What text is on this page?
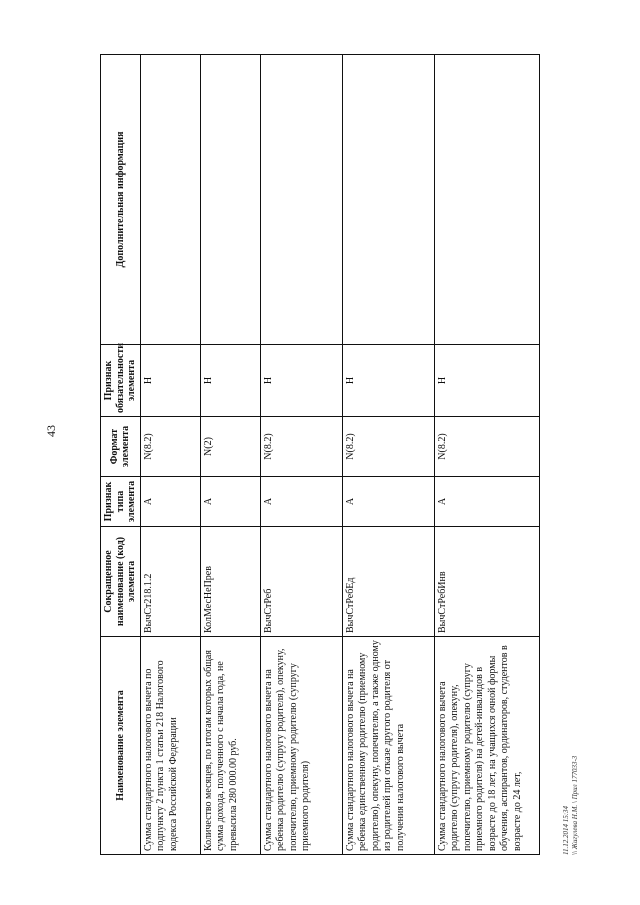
43
Наименование элемента	Сокращенное наименование (код) элемента	Признак типа элемента	Формат элемента	Признак обязательности элемента	Дополнительная информация
Сумма стандартного налогового вычета по подпункту 2 пункта 1 статьи 218 Налогового кодекса Российской Федерации	ВычСт218.1.2	А	N(8.2)	Н	
Количество месяцев, по итогам которых общая сумма дохода, полученного с начала года, не превысила 280 000.00 руб.	КолМесНеПрев	А	N(2)	Н	
Сумма стандартного налогового вычета на ребенка родителю (супругу родителя), опекуну, попечителю, приемному родителю (супругу приемного родителя)	ВычСтРеб	А	N(8.2)	Н	
Сумма стандартного налогового вычета на ребенка единственному родителю (приемному родителю), опекуну, попечителю, а также одному из родителей при отказе другого родителя от получения налогового вычета	ВычСтРебЕд	А	N(8.2)	Н	
Сумма стандартного налогового вычета родителю (супругу родителя), опекуну, попечителю, приемному родителю (супругу приемного родителя) на детей-инвалидов в возрасте до 18 лет, на учащихся очной формы обучения, аспирантов, ординаторов, студентов в возрасте до 24 лет,	ВычСтРебИнв	А	N(8.2)	Н	
11.12.2014 15:34 \\ Жигулева Н.М. \ Прил 177033-3
